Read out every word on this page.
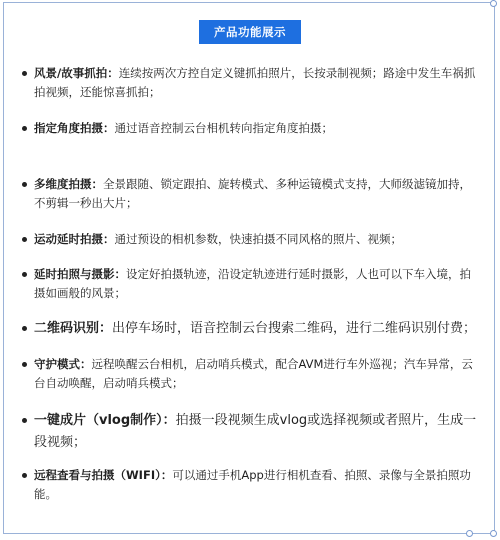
产品功能展示
风景/故事抓拍：连续按两次方控自定义键抓拍照片，长按录制视频；路途中发生车祸抓拍视频，还能惊喜抓拍；
指定角度拍摄：通过语音控制云台相机转向指定角度拍摄；
多维度拍摄：全景跟随、锁定跟拍、旋转模式、多种运镜模式支持，大师级滤镜加持，不剪辑一秒出大片；
运动延时拍摄：通过预设的相机参数，快速拍摄不同风格的照片、视频；
延时拍照与摄影：设定好拍摄轨迹，沿设定轨迹进行延时摄影，人也可以下车入境，拍摄如画般的风景；
二维码识别：出停车场时，语音控制云台搜索二维码，进行二维码识别付费；
守护模式：远程唤醒云台相机，启动哨兵模式，配合AVM进行车外巡视；汽车异常，云台自动唤醒，启动哨兵模式；
一键成片（vlog制作）：拍摄一段视频生成vlog或选择视频或者照片，生成一段视频；
远程查看与拍摄（WIFI）：可以通过手机App进行相机查看、拍照、录像与全景拍照功能。
